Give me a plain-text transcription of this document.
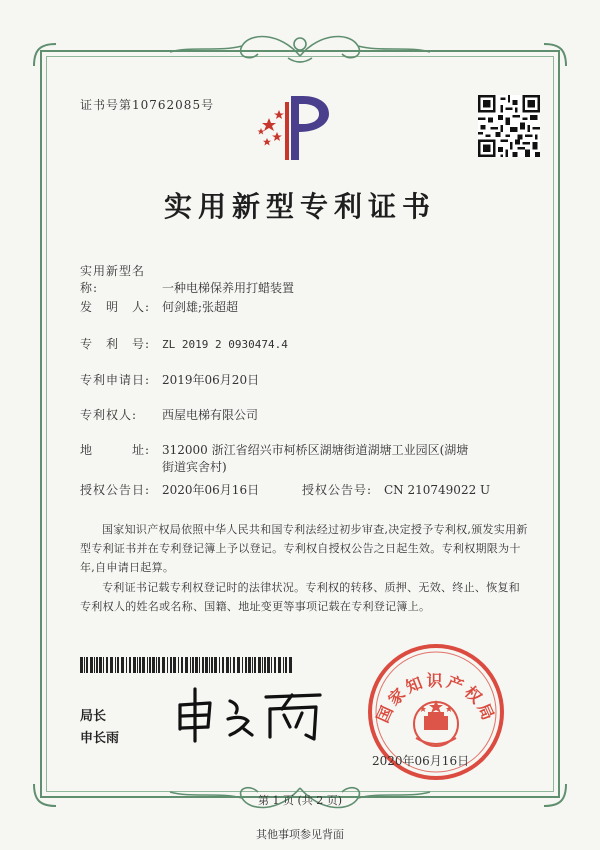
证书号第10762085号
实用新型专利证书
实用新型名称:	一种电梯保养用打蜡装置
发　明　人: 何剑雄;张超超
专　利　号: ZL 2019 2 0930474.4
专利申请日: 2019年06月20日
专利权人: 西屋电梯有限公司
地　　　址: 312000 浙江省绍兴市柯桥区湖塘街道湖塘工业园区(湖塘
街道宾舍村)
授权公告日: 2020年06月16日	授权公告号: CN 210749022 U
国家知识产权局依照中华人民共和国专利法经过初步审查,决定授予专利权,颁发实用新型专利证书并在专利登记簿上予以登记。专利权自授权公告之日起生效。专利权期限为十年,自申请日起算。
专利证书记载专利权登记时的法律状况。专利权的转移、质押、无效、终止、恢复和专利权人的姓名或名称、国籍、地址变更等事项记载在专利登记簿上。
局长
申长雨
国家知识产权局
2020年06月16日
第 1 页 (共 2 页)
其他事项参见背面
